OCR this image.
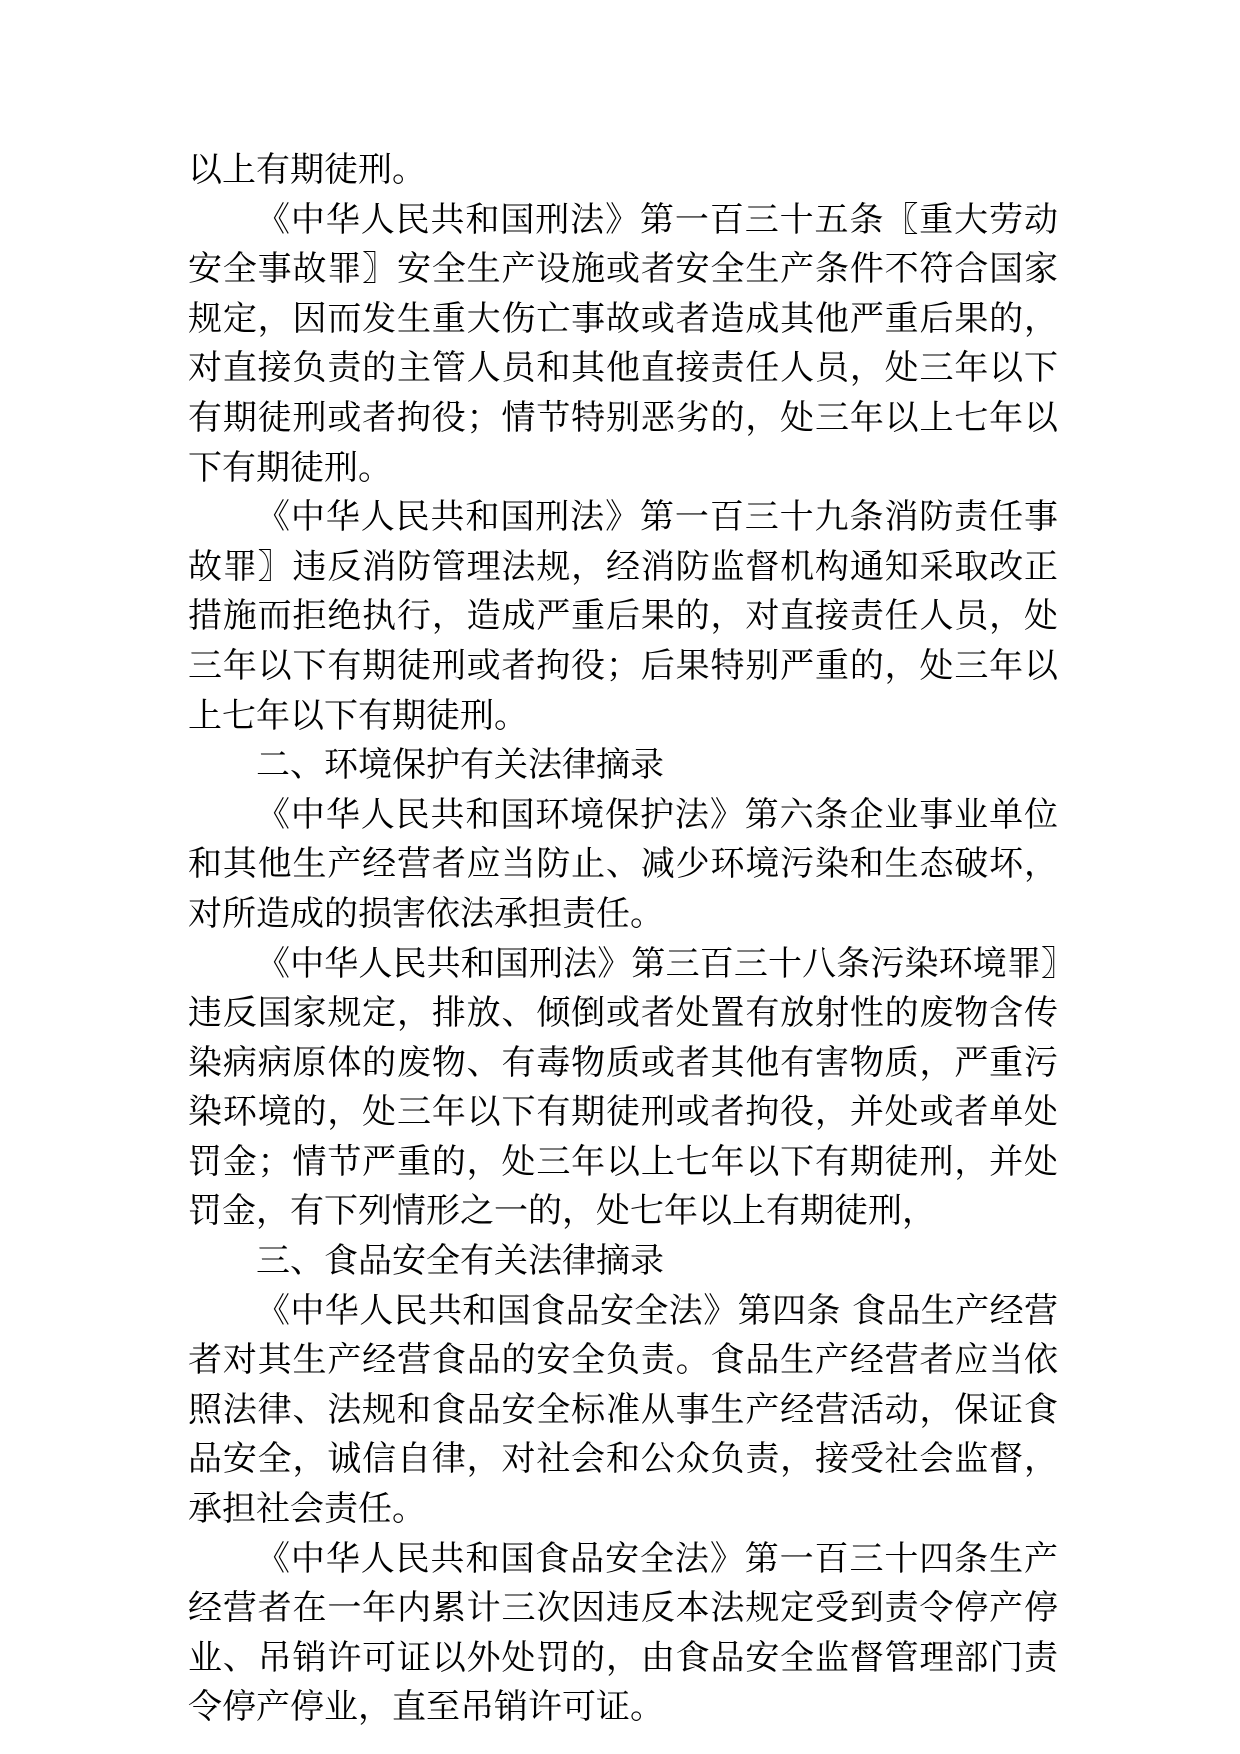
以上有期徒刑。

《中华人民共和国刑法》第一百三十五条〖重大劳动安全事故罪〗安全生产设施或者安全生产条件不符合国家规定，因而发生重大伤亡事故或者造成其他严重后果的，对直接负责的主管人员和其他直接责任人员，处三年以下有期徒刑或者拘役；情节特别恶劣的，处三年以上七年以下有期徒刑。

《中华人民共和国刑法》第一百三十九条消防责任事故罪〗违反消防管理法规，经消防监督机构通知采取改正措施而拒绝执行，造成严重后果的，对直接责任人员，处三年以下有期徒刑或者拘役；后果特别严重的，处三年以上七年以下有期徒刑。

二、环境保护有关法律摘录

《中华人民共和国环境保护法》第六条企业事业单位和其他生产经营者应当防止、减少环境污染和生态破坏，对所造成的损害依法承担责任。

《中华人民共和国刑法》第三百三十八条污染环境罪〗违反国家规定，排放、倾倒或者处置有放射性的废物含传染病病原体的废物、有毒物质或者其他有害物质，严重污染环境的，处三年以下有期徒刑或者拘役，并处或者单处罚金；情节严重的，处三年以上七年以下有期徒刑，并处罚金，有下列情形之一的，处七年以上有期徒刑，

三、食品安全有关法律摘录

《中华人民共和国食品安全法》第四条 食品生产经营者对其生产经营食品的安全负责。食品生产经营者应当依照法律、法规和食品安全标准从事生产经营活动，保证食品安全，诚信自律，对社会和公众负责，接受社会监督，承担社会责任。

《中华人民共和国食品安全法》第一百三十四条生产经营者在一年内累计三次因违反本法规定受到责令停产停业、吊销许可证以外处罚的，由食品安全监督管理部门责令停产停业，直至吊销许可证。
